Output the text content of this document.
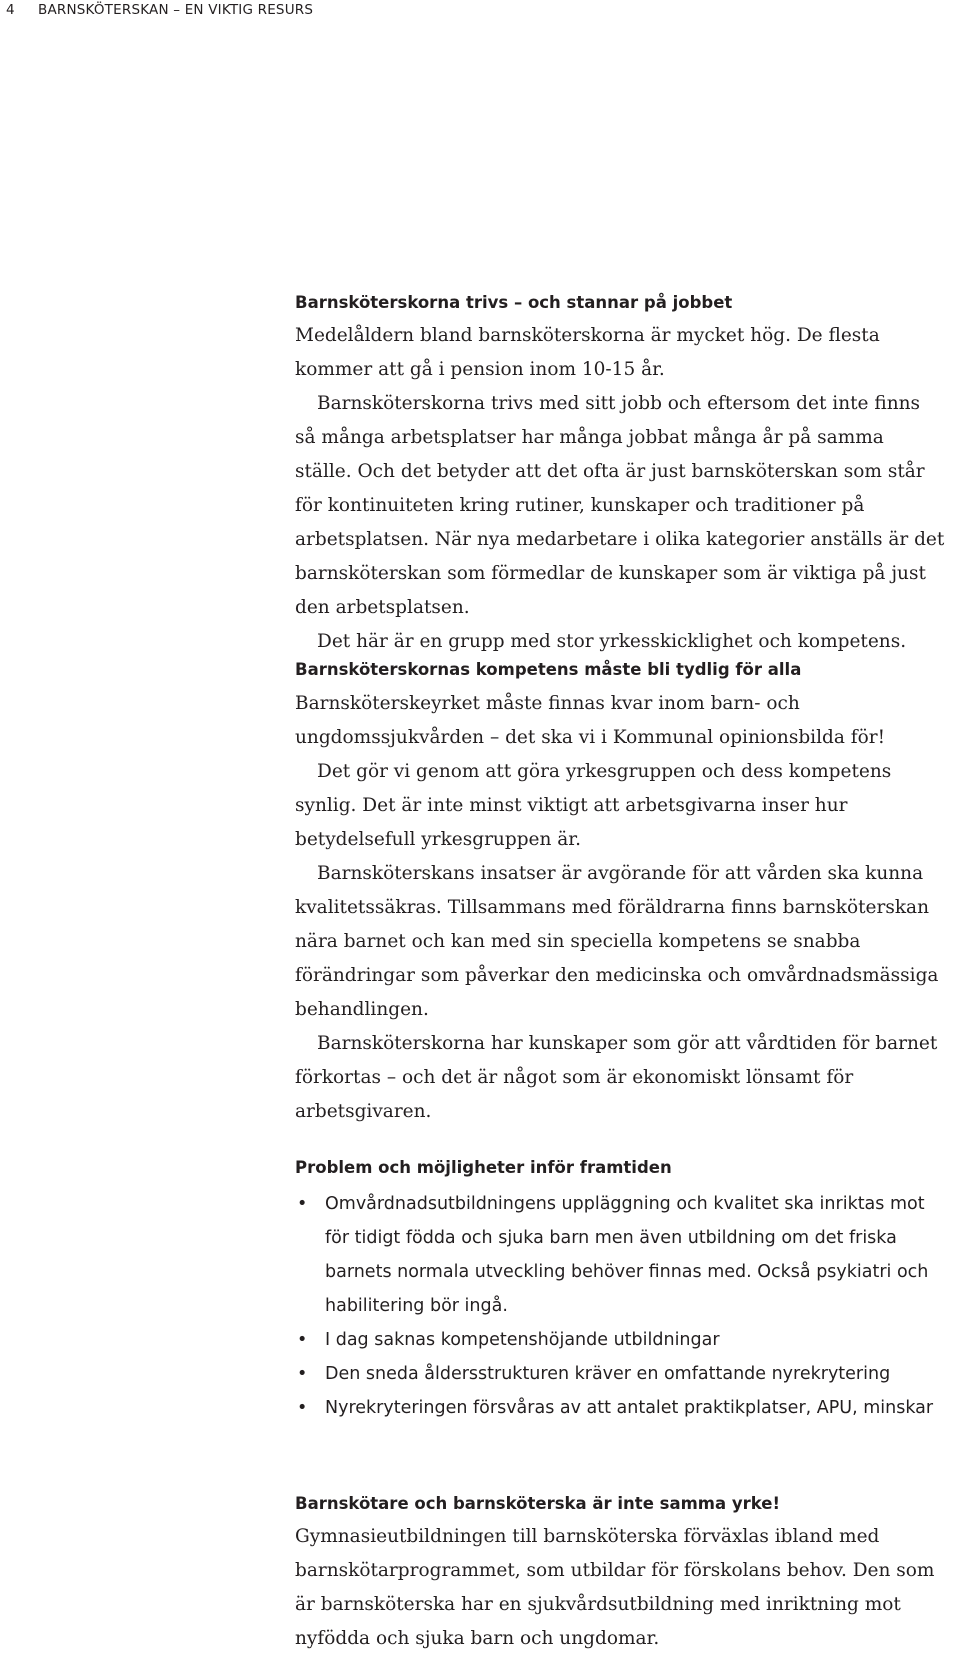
4 BARNSKÖTERSKAN – EN VIKTIG RESURS
Barnsköterskorna trivs – och stannar på jobbet
Medelåldern bland barnsköterskorna är mycket hög. De flesta kommer att gå i pension inom 10-15 år.
Barnsköterskorna trivs med sitt jobb och eftersom det inte finns så många arbetsplatser har många jobbat många år på samma ställe. Och det betyder att det ofta är just barnsköterskan som står för kontinuiteten kring rutiner, kunskaper och traditioner på arbetsplatsen. När nya medarbetare i olika kategorier anställs är det barnsköterskan som förmedlar de kunskaper som är viktiga på just den arbetsplatsen.
Det här är en grupp med stor yrkesskicklighet och kompetens.
Barnsköterskornas kompetens måste bli tydlig för alla
Barnsköterskeyrket måste finnas kvar inom barn- och ungdomssjukvården – det ska vi i Kommunal opinionsbilda för!
Det gör vi genom att göra yrkesgruppen och dess kompetens synlig. Det är inte minst viktigt att arbetsgivarna inser hur betydelsefull yrkesgruppen är.
Barnsköterskans insatser är avgörande för att vården ska kunna kvalitetssäkras. Tillsammans med föräldrarna finns barnsköterskan nära barnet och kan med sin speciella kompetens se snabba förändringar som påverkar den medicinska och omvårdnadsmässiga behandlingen.
Barnsköterskorna har kunskaper som gör att vårdtiden för barnet förkortas – och det är något som är ekonomiskt lönsamt för arbetsgivaren.
Problem och möjligheter inför framtiden
• Omvårdnadsutbildningens uppläggning och kvalitet ska inriktas mot för tidigt födda och sjuka barn men även utbildning om det friska barnets normala utveckling behöver finnas med. Också psykiatri och habilitering bör ingå.
• I dag saknas kompetenshöjande utbildningar
• Den sneda åldersstrukturen kräver en omfattande nyrekrytering
• Nyrekryteringen försvåras av att antalet praktikplatser, APU, minskar
Barnskötare och barnsköterska är inte samma yrke!
Gymnasieutbildningen till barnsköterska förväxlas ibland med barnskötarprogrammet, som utbildar för förskolans behov. Den som är barnsköterska har en sjukvårdsutbildning med inriktning mot nyfödda och sjuka barn och ungdomar.
